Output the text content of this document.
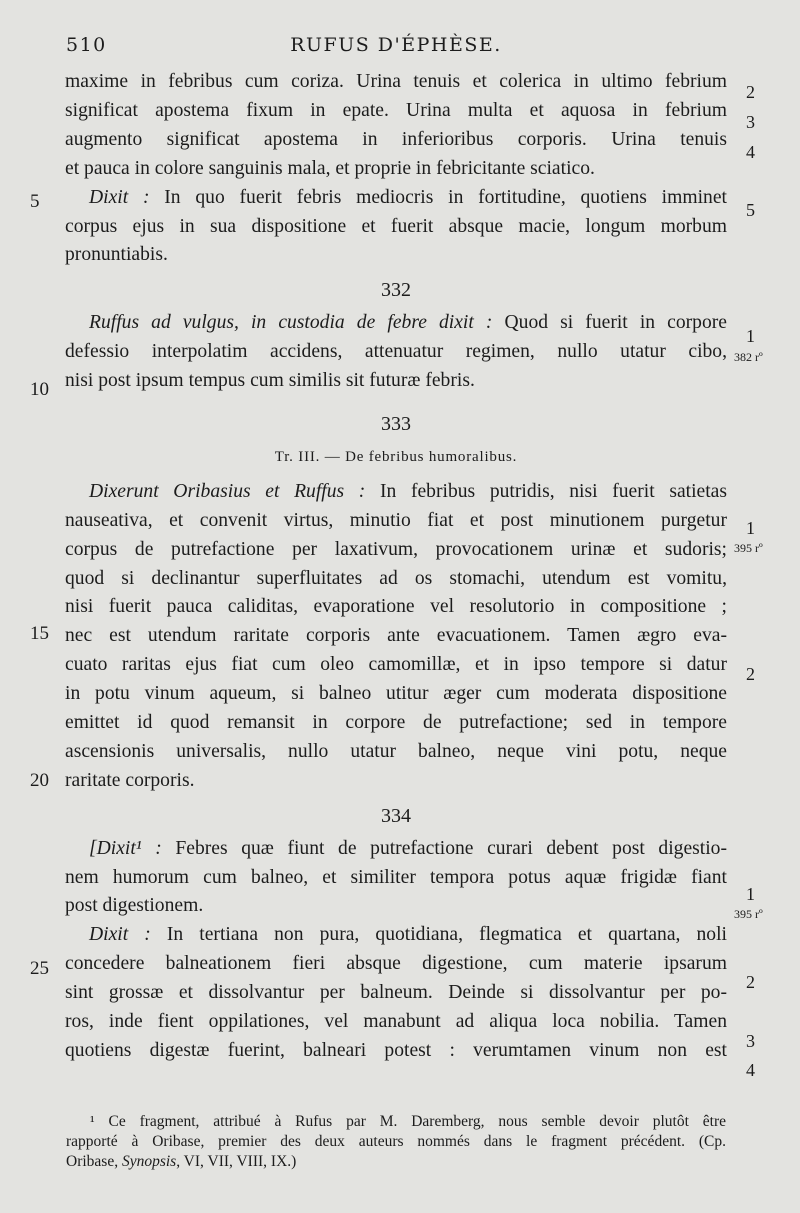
510	RUFUS D'ÉPHÈSE.

maxime in febribus cum coriza. Urina tenuis et colerica in ultimo febrium
significat apostema fixum in epate. Urina multa et aquosa in febrium
augmento significat apostema in inferioribus corporis. Urina tenuis
et pauca in colore sanguinis mala, et proprie in febricitante sciatico.

Dixit : In quo fuerit febris mediocris in fortitudine, quotiens imminet
corpus ejus in sua dispositione et fuerit absque macie, longum morbum
pronuntiabis.

332

Ruffus ad vulgus, in custodia de febre dixit : Quod si fuerit in corpore
defessio interpolatim accidens, attenuatur regimen, nullo utatur cibo,
nisi post ipsum tempus cum similis sit futuræ febris.

333
Tr. III. — De febribus humoralibus.

Dixerunt Oribasius et Ruffus : In febribus putridis, nisi fuerit satietas
nauseativa, et convenit virtus, minutio fiat et post minutionem purgetur
corpus de putrefactione per laxativum, provocationem urinæ et sudoris;
quod si declinantur superfluitates ad os stomachi, utendum est vomitu,
nisi fuerit pauca caliditas, evaporatione vel resolutorio in compositione ;
nec est utendum raritate corporis ante evacuationem. Tamen ægro eva-
cuato raritas ejus fiat cum oleo camomillæ, et in ipso tempore si datur
in potu vinum aqueum, si balneo utitur æger cum moderata dispositione
emittet id quod remansit in corpore de putrefactione; sed in tempore
ascensionis universalis, nullo utatur balneo, neque vini potu, neque
raritate corporis.

334

[Dixit¹ : Febres quæ fiunt de putrefactione curari debent post digestio-
nem humorum cum balneo, et similiter tempora potus aquæ frigidæ fiant
post digestionem.

Dixit : In tertiana non pura, quotidiana, flegmatica et quartana, noli
concedere balneationem fieri absque digestione, cum materie ipsarum
sint grossæ et dissolvantur per balneum. Deinde si dissolvantur per po-
ros, inde fient oppilationes, vel manabunt ad aliqua loca nobilia. Tamen
quotiens digestæ fuerint, balneari potest : verumtamen vinum non est

5
10
15
20
25
2
3
4
5
1
382 rº
1
395 rº
2
1
395 rº
2
3
4
¹ Ce fragment, attribué à Rufus par M. Daremberg, nous semble devoir plutôt être
rapporté à Oribase, premier des deux auteurs nommés dans le fragment précédent. (Cp.
Oribase, Synopsis, VI, VII, VIII, IX.)
